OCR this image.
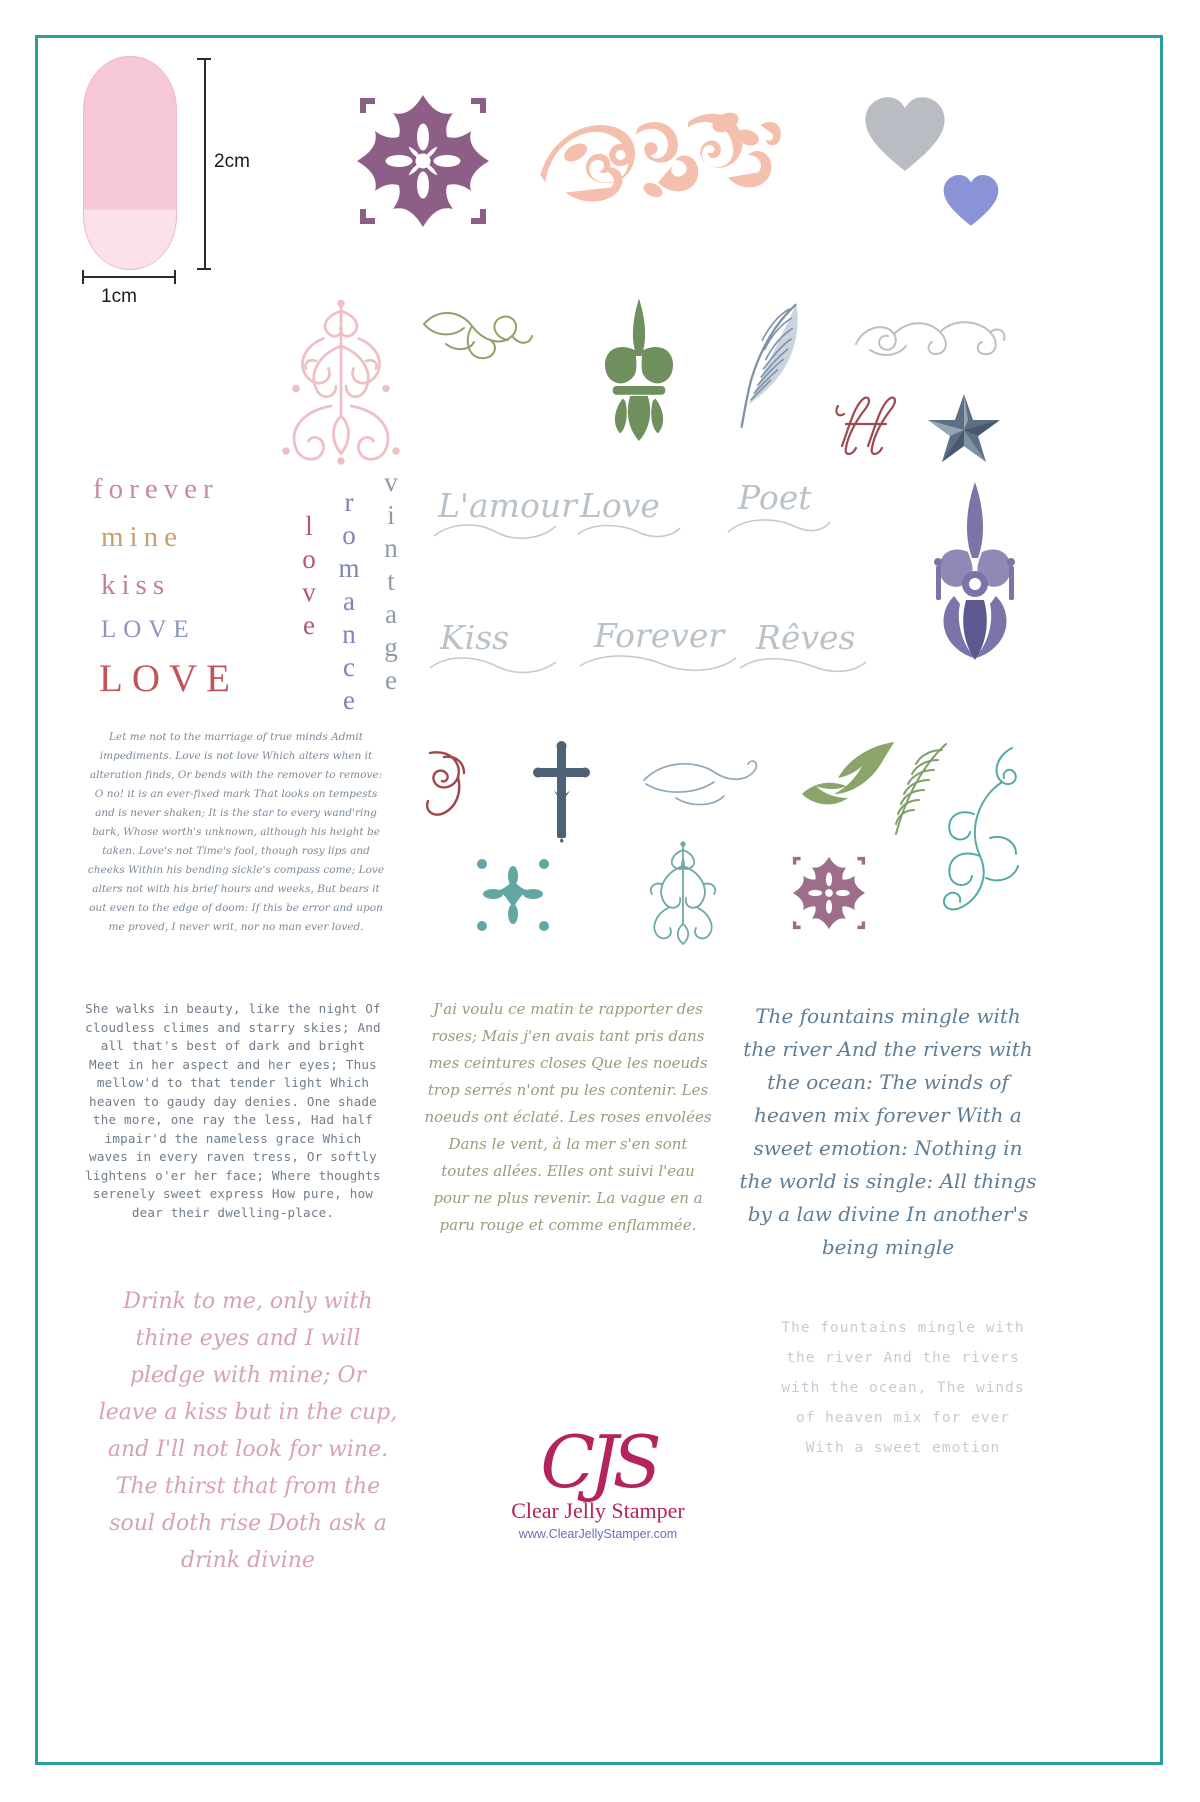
2cm
1cm
forever
mine
kiss
LOVE
LOVE
love romance vintage L'amour Love Poet
Kiss	Forever Rêves
Let me not to the marriage of true minds Admit impediments. Love is not love Which alters when it alteration finds, Or bends with the remover to remove: O no! it is an ever-fixed mark That looks on tempests and is never shaken; It is the star to every wand'ring bark, Whose worth's unknown, although his height be taken. Love's not Time's fool, though rosy lips and cheeks Within his bending sickle's compass come; Love alters not with his brief hours and weeks, But bears it out even to the edge of doom: If this be error and upon me proved, I never writ, nor no man ever loved.
She walks in beauty, like the night Of cloudless climes and starry skies; And all that's best of dark and bright Meet in her aspect and her eyes; Thus mellow'd to that tender light Which heaven to gaudy day denies. One shade the more, one ray the less, Had half impair'd the nameless grace Which waves in every raven tress, Or softly lightens o'er her face; Where thoughts serenely sweet express How pure, how dear their dwelling-place.
J'ai voulu ce matin te rapporter des roses; Mais j'en avais tant pris dans mes ceintures closes Que les noeuds trop serrés n'ont pu les contenir. Les noeuds ont éclaté. Les roses envolées Dans le vent, à la mer s'en sont toutes allées. Elles ont suivi l'eau pour ne plus revenir. La vague en a paru rouge et comme enflammée.
The fountains mingle with the river And the rivers with the ocean: The winds of heaven mix forever With a sweet emotion: Nothing in the world is single: All things by a law divine In another's being mingle
Drink to me, only with thine eyes and I will pledge with mine; Or leave a kiss but in the cup, and I'll not look for wine. The thirst that from the soul doth rise Doth ask a drink divine
The fountains mingle with the river And the rivers with the ocean, The winds of heaven mix for ever With a sweet emotion
CJS
Clear Jelly Stamper
www.ClearJellyStamper.com
